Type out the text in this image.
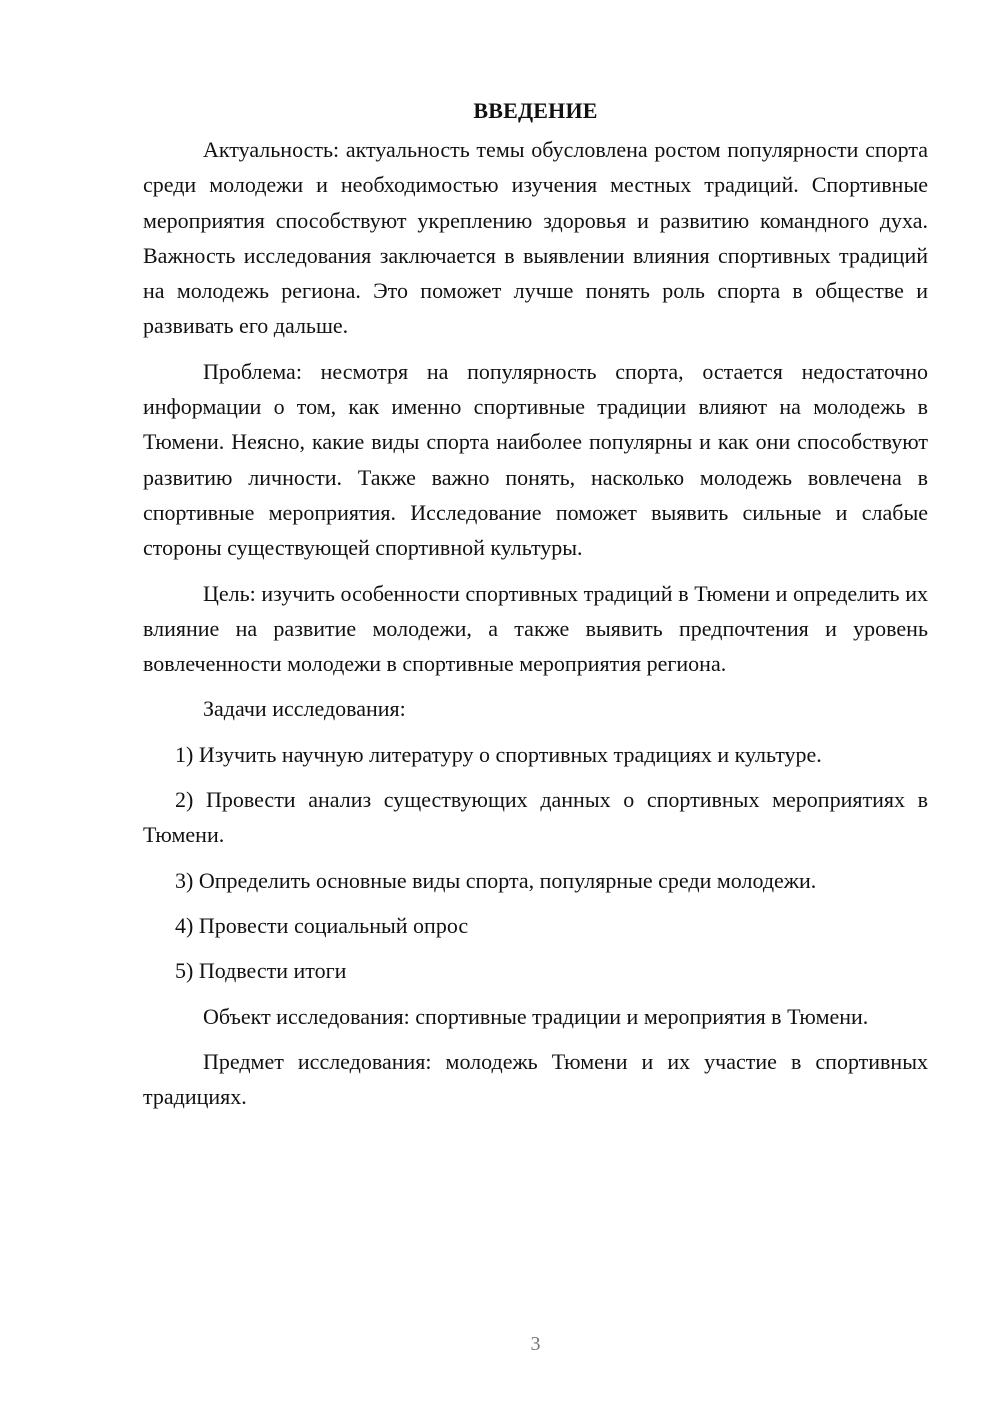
ВВЕДЕНИЕ

Актуальность: актуальность темы обусловлена ростом популярности спорта среди молодежи и необходимостью изучения местных традиций. Спортивные мероприятия способствуют укреплению здоровья и развитию командного духа. Важность исследования заключается в выявлении влияния спортивных традиций на молодежь региона. Это поможет лучше понять роль спорта в обществе и развивать его дальше.

Проблема: несмотря на популярность спорта, остается недостаточно информации о том, как именно спортивные традиции влияют на молодежь в Тюмени. Неясно, какие виды спорта наиболее популярны и как они способствуют развитию личности. Также важно понять, насколько молодежь вовлечена в спортивные мероприятия. Исследование поможет выявить сильные и слабые стороны существующей спортивной культуры.

Цель: изучить особенности спортивных традиций в Тюмени и определить их влияние на развитие молодежи, а также выявить предпочтения и уровень вовлеченности молодежи в спортивные мероприятия региона.

Задачи исследования:

1) Изучить научную литературу о спортивных традициях и культуре.

2) Провести анализ существующих данных о спортивных мероприятиях в Тюмени.

3) Определить основные виды спорта, популярные среди молодежи.

4) Провести социальный опрос

5) Подвести итоги

Объект исследования: спортивные традиции и мероприятия в Тюмени.

Предмет исследования: молодежь Тюмени и их участие в спортивных традициях.

3
